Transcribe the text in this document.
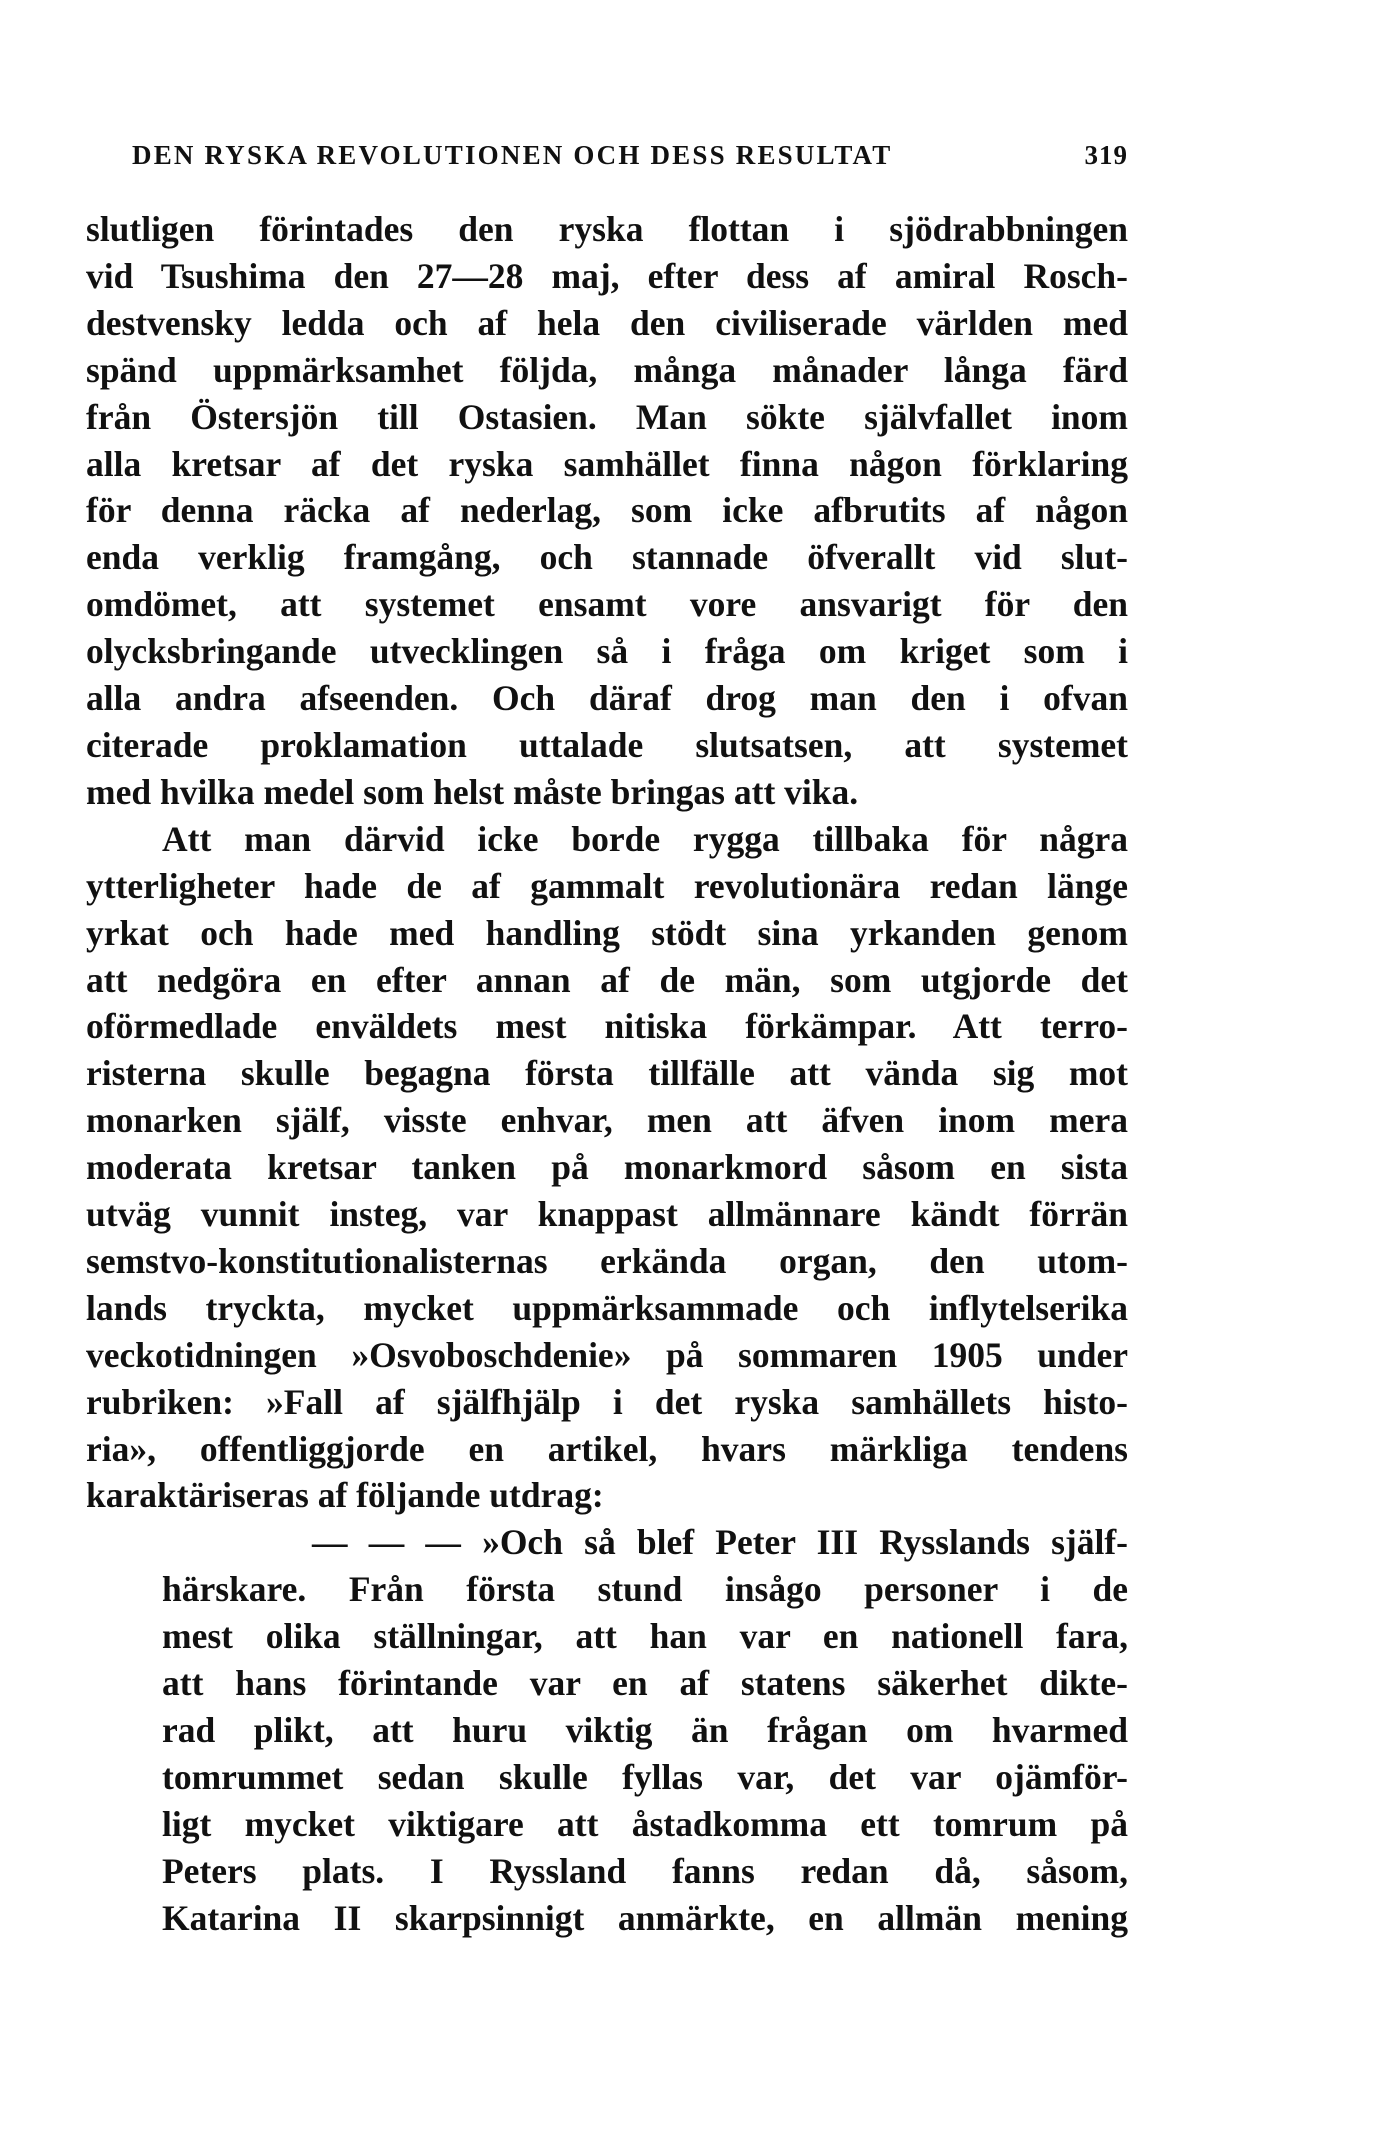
DEN RYSKA REVOLUTIONEN OCH DESS RESULTAT	319
slutligen förintades den ryska flottan i sjödrabbningen
vid Tsushima den 27—28 maj, efter dess af amiral Rosch-
destvensky ledda och af hela den civiliserade världen med
spänd uppmärksamhet följda, många månader långa färd
från Östersjön till Ostasien. Man sökte självfallet inom
alla kretsar af det ryska samhället finna någon förklaring
för denna räcka af nederlag, som icke afbrutits af någon
enda verklig framgång, och stannade öfverallt vid slut-
omdömet, att systemet ensamt vore ansvarigt för den
olycksbringande utvecklingen så i fråga om kriget som i
alla andra afseenden. Och däraf drog man den i ofvan
citerade proklamation uttalade slutsatsen, att systemet
med hvilka medel som helst måste bringas att vika.
Att man därvid icke borde rygga tillbaka för några
ytterligheter hade de af gammalt revolutionära redan länge
yrkat och hade med handling stödt sina yrkanden genom
att nedgöra en efter annan af de män, som utgjorde det
oförmedlade enväldets mest nitiska förkämpar. Att terro-
risterna skulle begagna första tillfälle att vända sig mot
monarken själf, visste enhvar, men att äfven inom mera
moderata kretsar tanken på monarkmord såsom en sista
utväg vunnit insteg, var knappast allmännare kändt förrän
semstvo-konstitutionalisternas erkända organ, den utom-
lands tryckta, mycket uppmärksammade och inflytelserika
veckotidningen »Osvoboschdenie» på sommaren 1905 under
rubriken: »Fall af själfhjälp i det ryska samhällets histo-
ria», offentliggjorde en artikel, hvars märkliga tendens
karaktäriseras af följande utdrag:
— — — »Och så blef Peter III Rysslands själf-
härskare. Från första stund insågo personer i de
mest olika ställningar, att han var en nationell fara,
att hans förintande var en af statens säkerhet dikte-
rad plikt, att huru viktig än frågan om hvarmed
tomrummet sedan skulle fyllas var, det var ojämför-
ligt mycket viktigare att åstadkomma ett tomrum på
Peters plats. I Ryssland fanns redan då, såsom,
Katarina II skarpsinnigt anmärkte, en allmän mening
